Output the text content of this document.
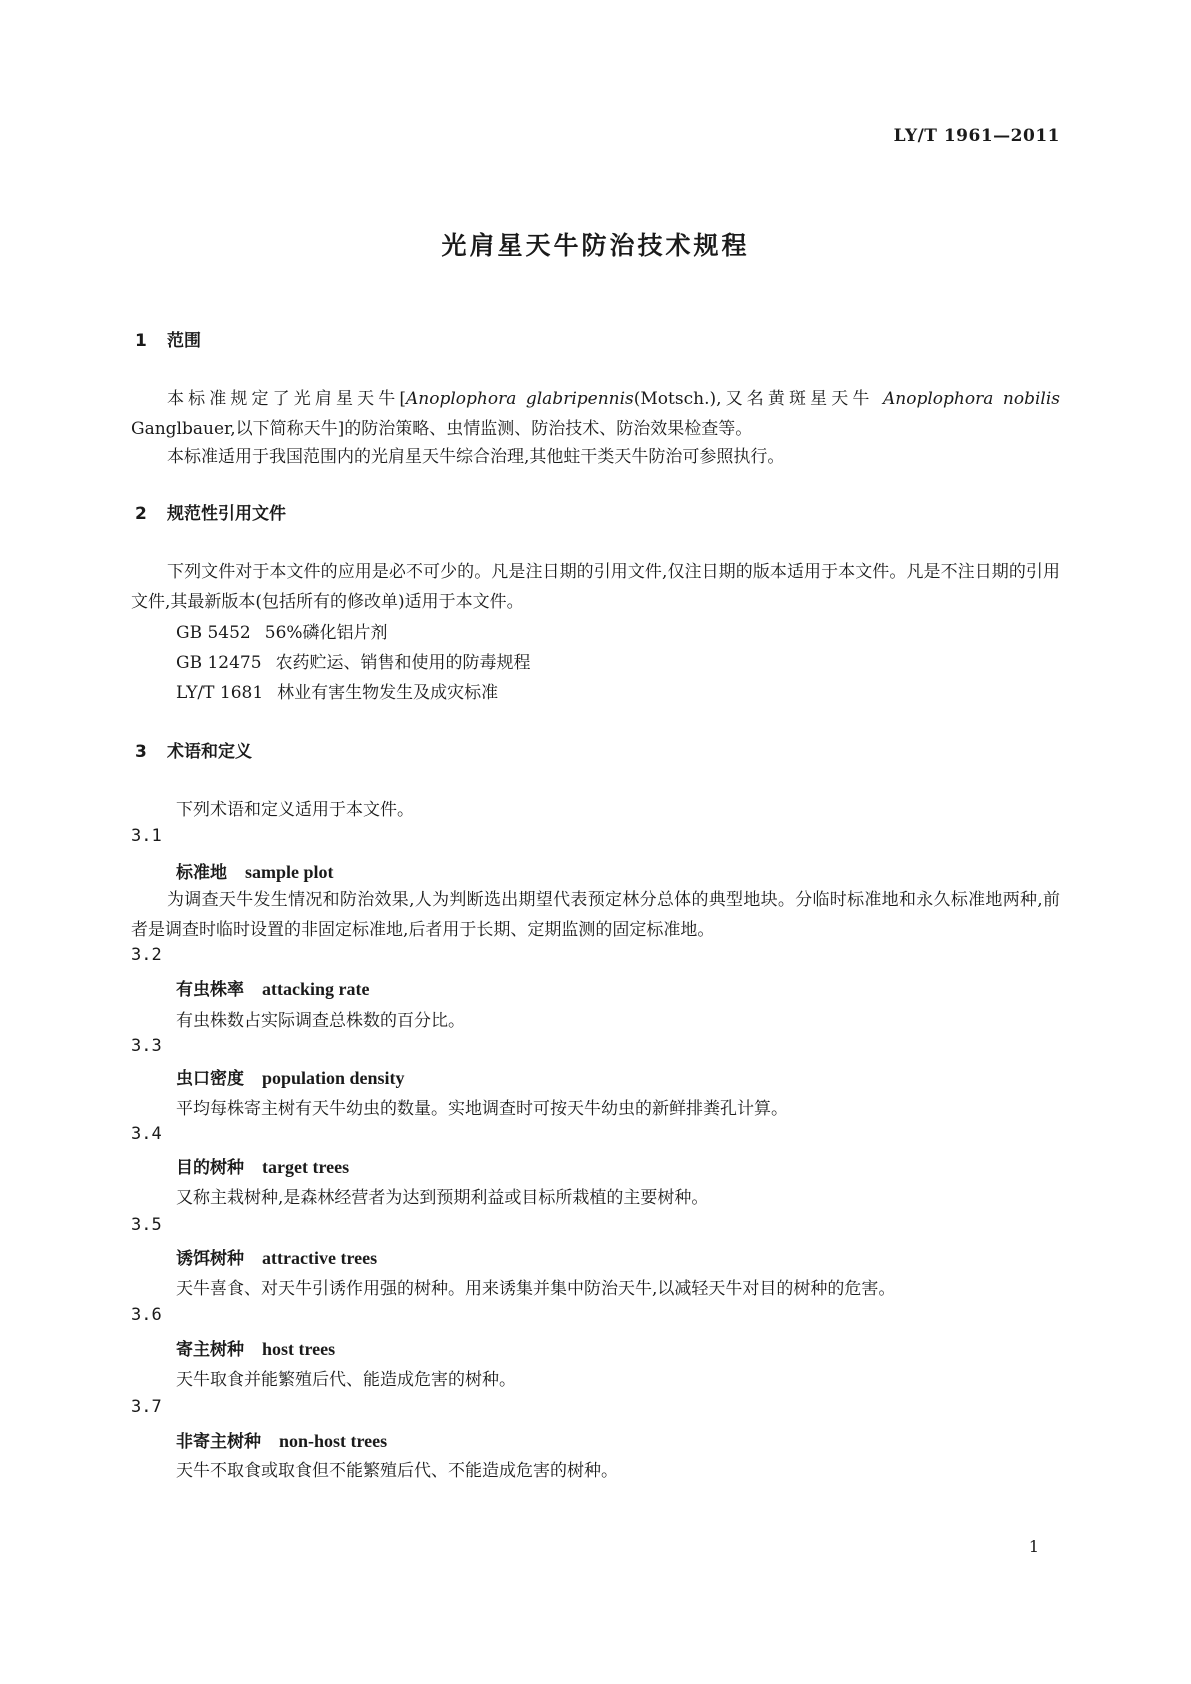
LY/T 1961—2011
光肩星天牛防治技术规程
1 范围
本标准规定了光肩星天牛[Anoplophora glabripennis(Motsch.),又名黄斑星天牛 Anoplophora nobilis Ganglbauer,以下简称天牛]的防治策略、虫情监测、防治技术、防治效果检查等。
本标准适用于我国范围内的光肩星天牛综合治理,其他蛀干类天牛防治可参照执行。
2 规范性引用文件
下列文件对于本文件的应用是必不可少的。凡是注日期的引用文件,仅注日期的版本适用于本文件。凡是不注日期的引用文件,其最新版本(包括所有的修改单)适用于本文件。
GB 5452 56%磷化铝片剂
GB 12475 农药贮运、销售和使用的防毒规程
LY/T 1681 林业有害生物发生及成灾标准
3 术语和定义
下列术语和定义适用于本文件。
3.1
标准地 sample plot
为调查天牛发生情况和防治效果,人为判断选出期望代表预定林分总体的典型地块。分临时标准地和永久标准地两种,前者是调查时临时设置的非固定标准地,后者用于长期、定期监测的固定标准地。
3.2
有虫株率 attacking rate
有虫株数占实际调查总株数的百分比。
3.3
虫口密度 population density
平均每株寄主树有天牛幼虫的数量。实地调查时可按天牛幼虫的新鲜排粪孔计算。
3.4
目的树种 target trees
又称主栽树种,是森林经营者为达到预期利益或目标所栽植的主要树种。
3.5
诱饵树种 attractive trees
天牛喜食、对天牛引诱作用强的树种。用来诱集并集中防治天牛,以减轻天牛对目的树种的危害。
3.6
寄主树种 host trees
天牛取食并能繁殖后代、能造成危害的树种。
3.7
非寄主树种 non-host trees
天牛不取食或取食但不能繁殖后代、不能造成危害的树种。
1
